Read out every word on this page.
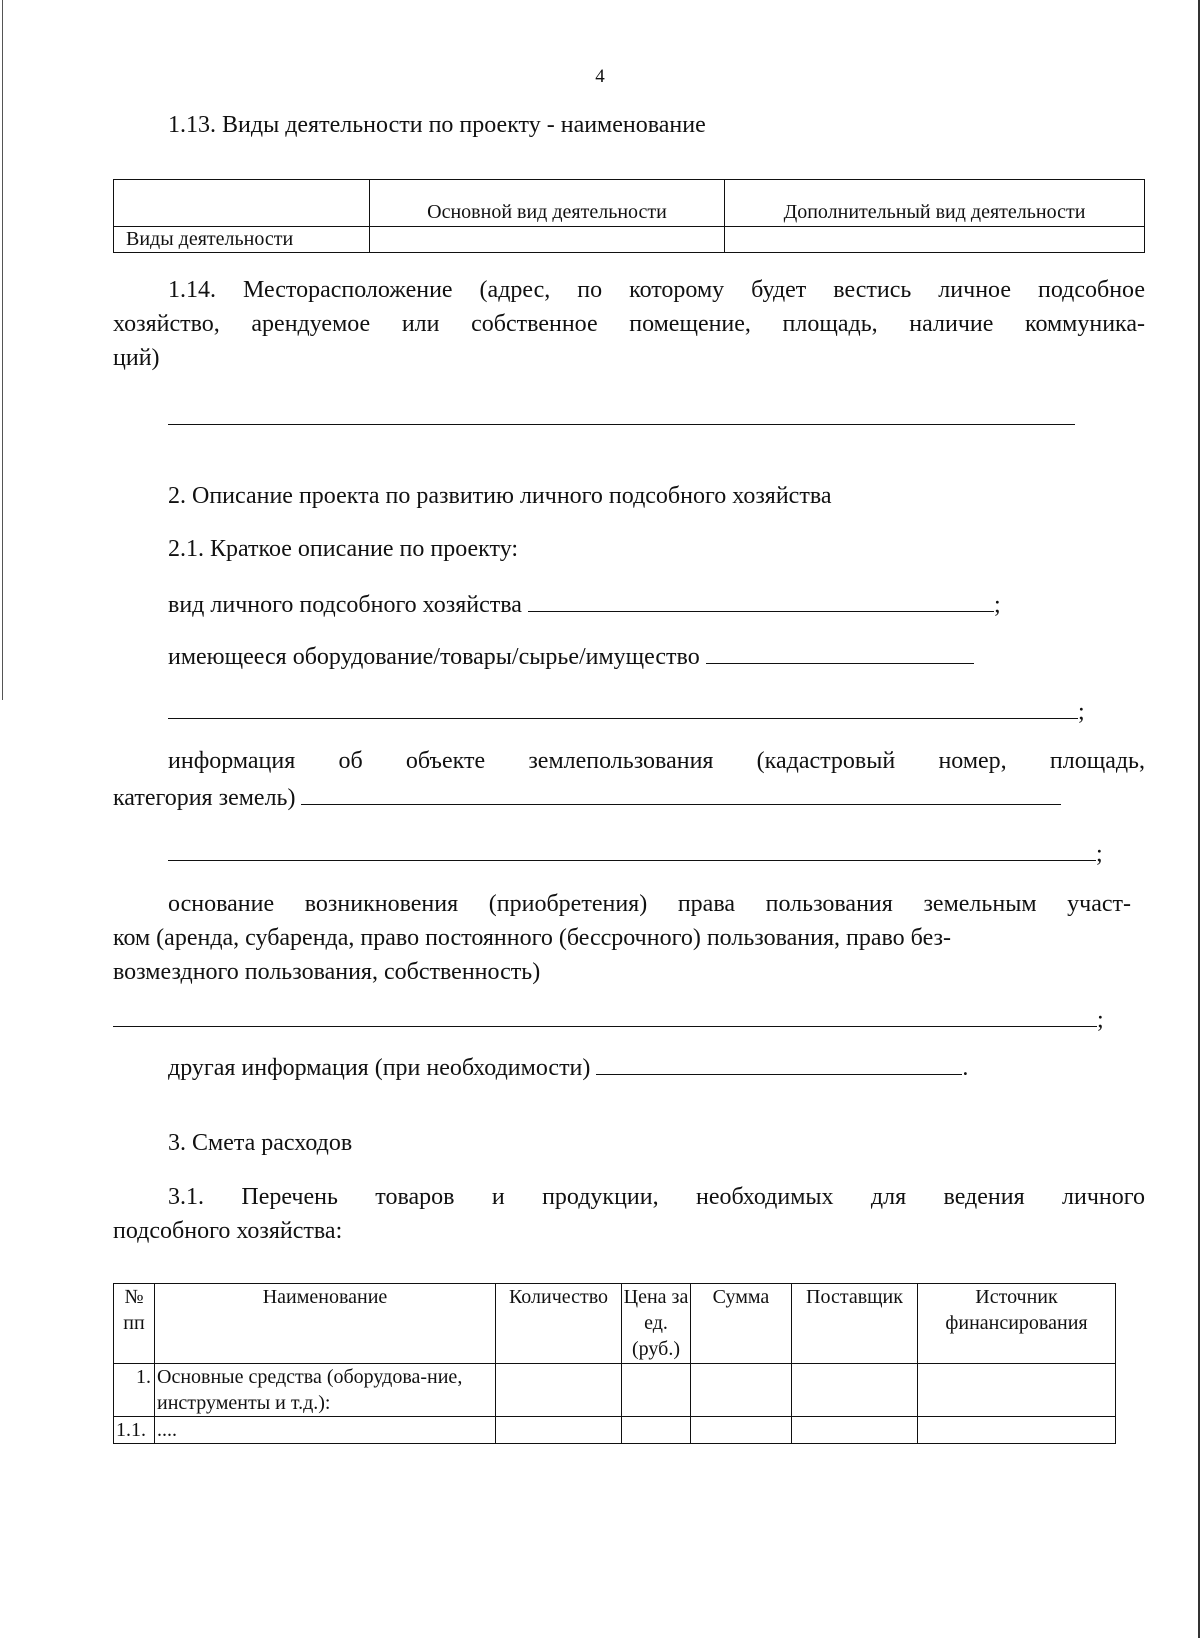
4
1.13. Виды деятельности по проекту - наименование
	Основной вид деятельности	Дополнительный вид деятельности
Виды деятельности		
1.14. Месторасположение (адрес, по которому будет вестись личное подсобное
хозяйство, арендуемое или собственное помещение, площадь, наличие коммуника-
ций)
2. Описание проекта по развитию личного подсобного хозяйства
2.1. Краткое описание по проекту:
вид личного подсобного хозяйства	;
имеющееся оборудование/товары/сырье/имущество
;
информация об объекте землепользования (кадастровый номер, площадь,
категория земель)
;
основание возникновения (приобретения) права пользования земельным участ-
ком (аренда, субаренда, право постоянного (бессрочного) пользования, право без-
возмездного пользования, собственность)
;
другая информация (при необходимости)	.
3. Смета расходов
3.1. Перечень товаров и продукции, необходимых для ведения личного
подсобного хозяйства:
№ пп	Наименование	Количество	Цена за ед. (руб.)	Сумма	Поставщик	Источник финансирования
1.	Основные средства (оборудова-ние, инструменты и т.д.):					
1.1.	....					
